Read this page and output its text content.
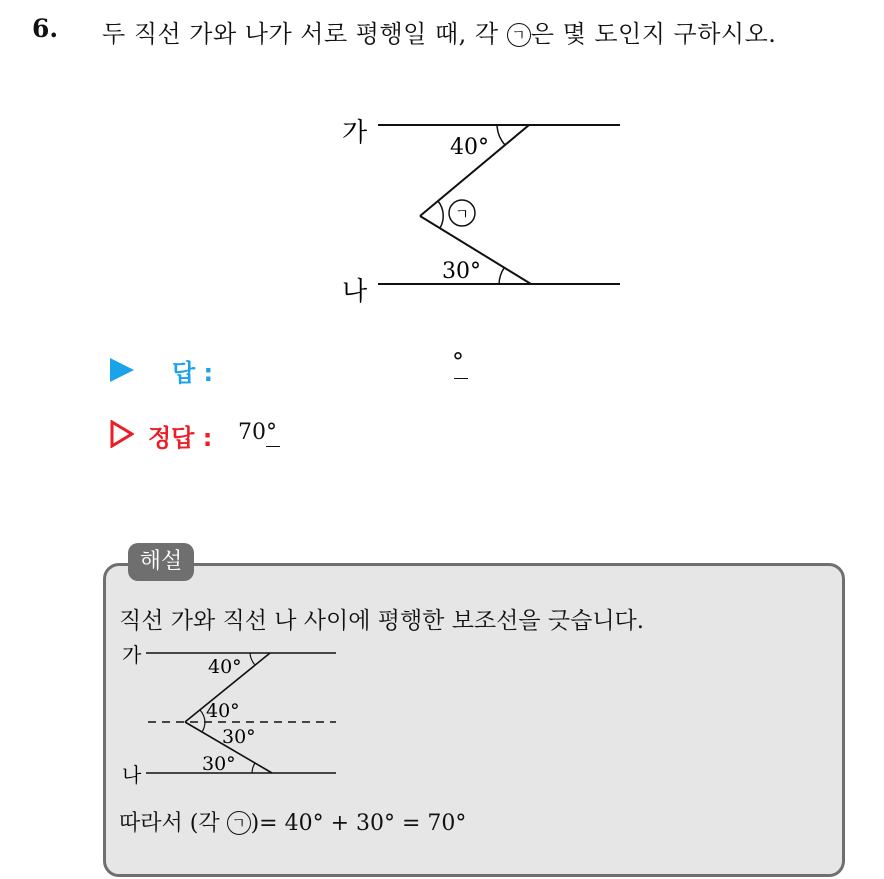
6. 두 직선 가와 나가 서로 평행일 때, 각 ㄱ 은 몇 도인지 구하시오.
가
나
40°
30°
ㄱ
답 :	°
정답 : 70°
해설
직선 가와 직선 나 사이에 평행한 보조선을 긋습니다.
가
나
40°
40°
30°
30°
따라서 (각 ㄱ )= 40° + 30° = 70°
